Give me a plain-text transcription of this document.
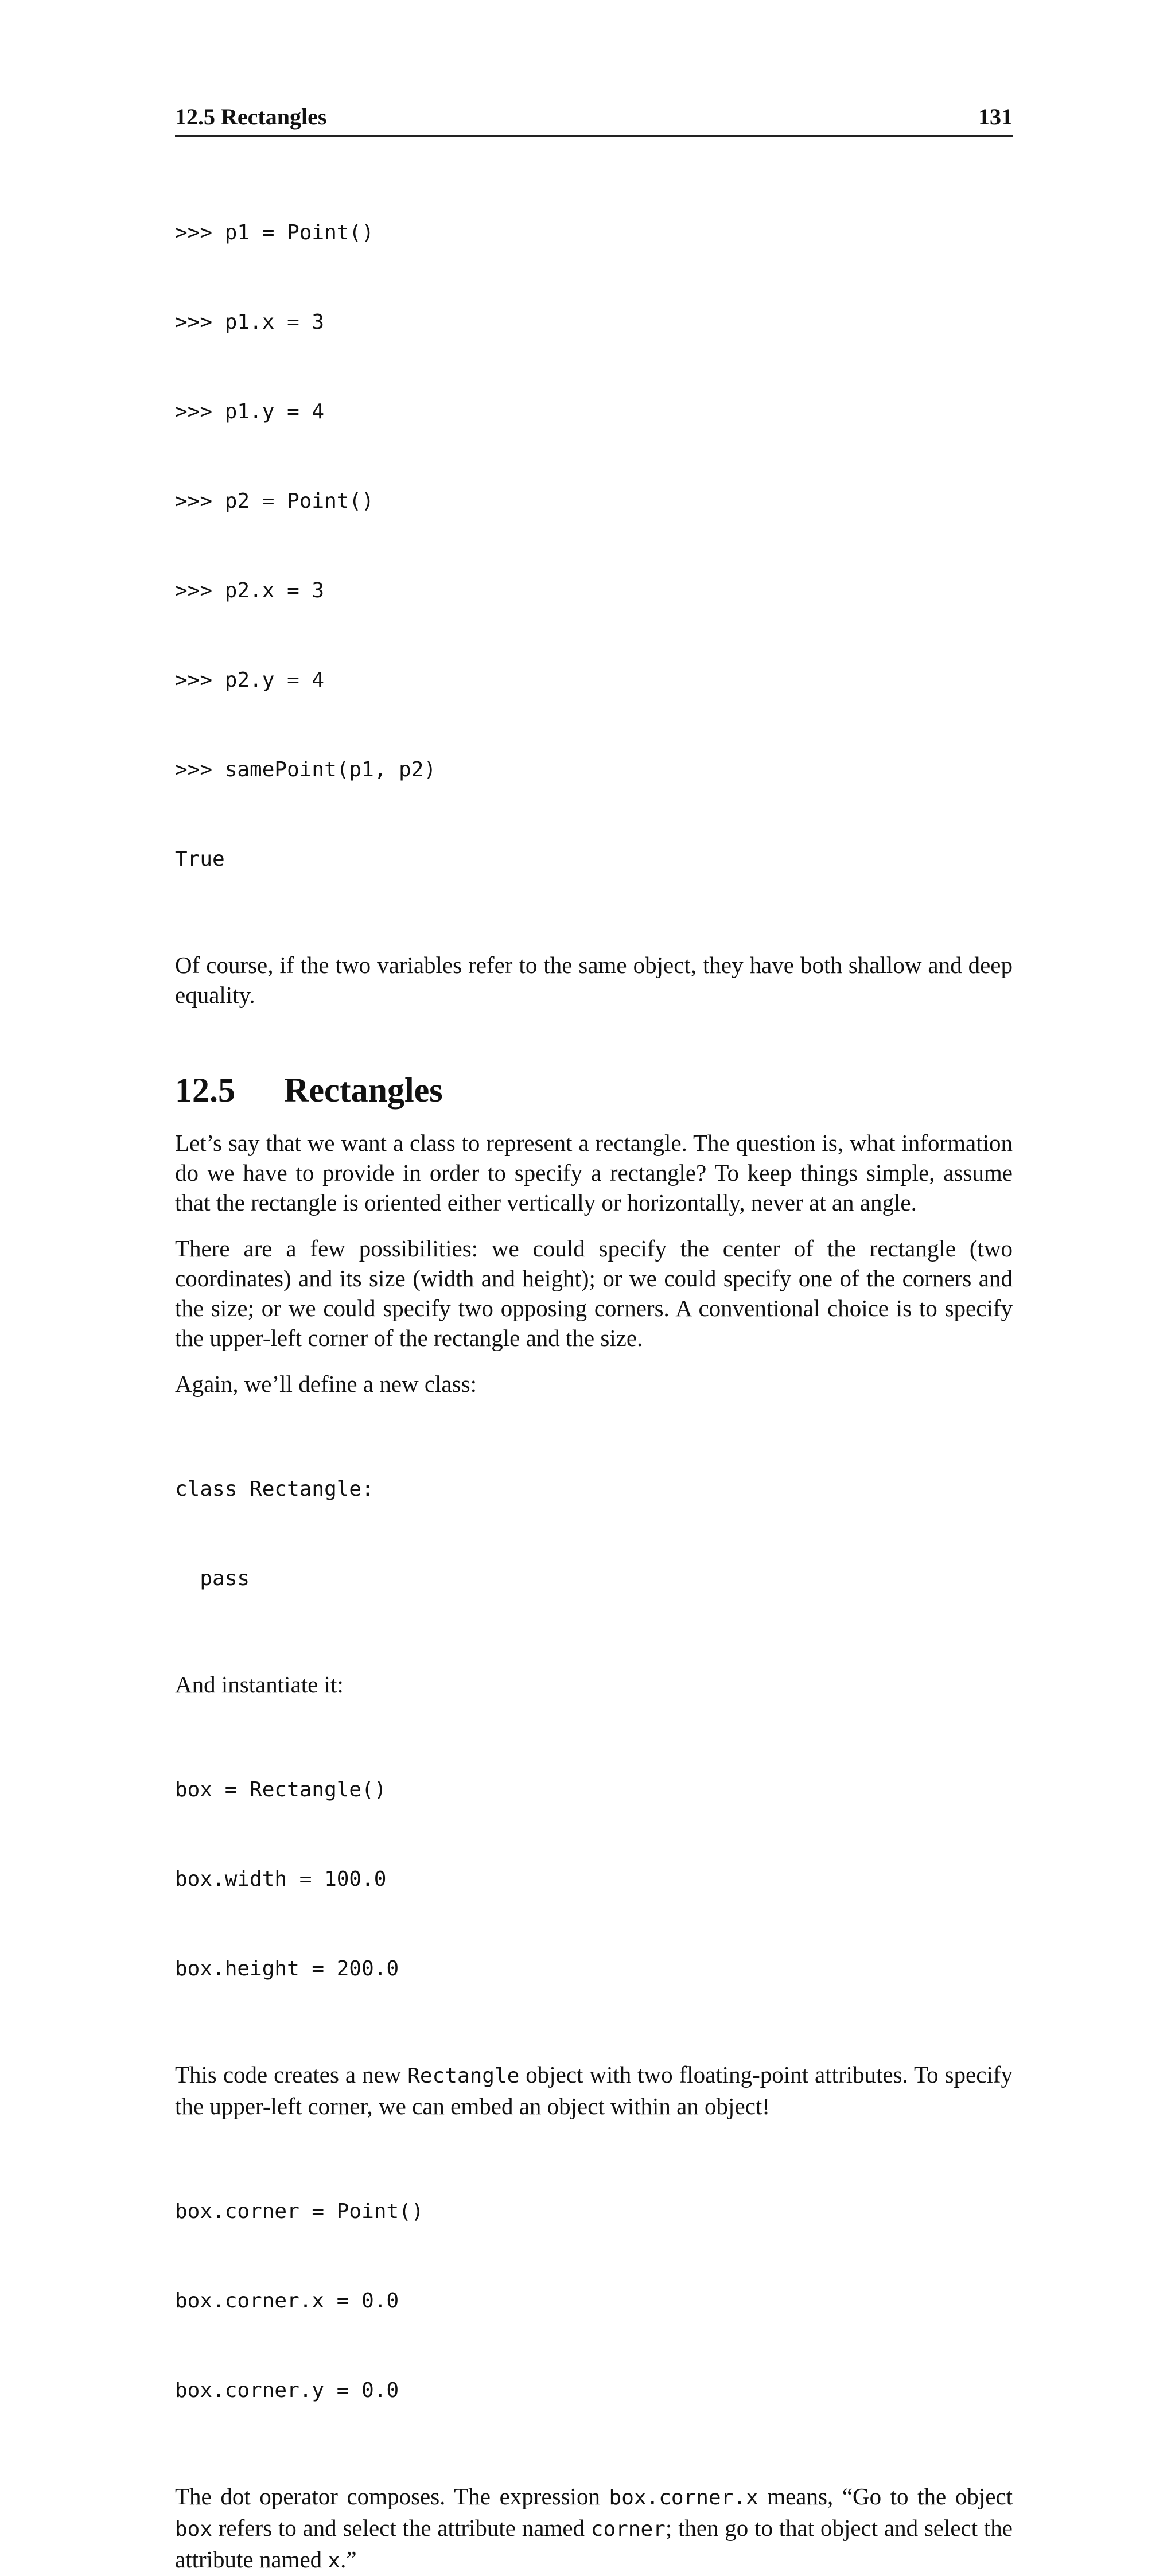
12.5 Rectangles	131

>>> p1 = Point()

>>> p1.x = 3

>>> p1.y = 4

>>> p2 = Point()

>>> p2.x = 3

>>> p2.y = 4

>>> samePoint(p1, p2)

True

Of course, if the two variables refer to the same object, they have both shallow and deep equality.

12.5	Rectangles

Let’s say that we want a class to represent a rectangle. The question is, what information do we have to provide in order to specify a rectangle? To keep things simple, assume that the rectangle is oriented either vertically or horizontally, never at an angle.

There are a few possibilities: we could specify the center of the rectangle (two coordinates) and its size (width and height); or we could specify one of the corners and the size; or we could specify two opposing corners. A conventional choice is to specify the upper-left corner of the rectangle and the size.

Again, we’ll define a new class:

class Rectangle:

pass

And instantiate it:

box = Rectangle()

box.width = 100.0

box.height = 200.0

This code creates a new Rectangle object with two floating-point attributes. To specify the upper-left corner, we can embed an object within an object!

box.corner = Point()

box.corner.x = 0.0

box.corner.y = 0.0

The dot operator composes. The expression box.corner.x means, “Go to the object box refers to and select the attribute named corner; then go to that object and select the attribute named x.”
